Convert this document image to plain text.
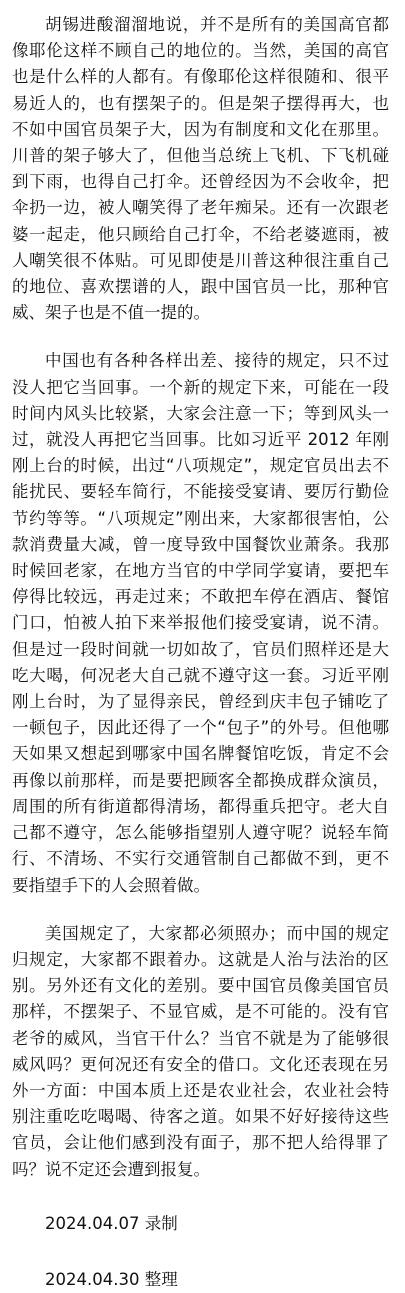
胡锡进酸溜溜地说，并不是所有的美国高官都像耶伦这样不顾自己的地位的。当然，美国的高官也是什么样的人都有。有像耶伦这样很随和、很平易近人的，也有摆架子的。但是架子摆得再大，也不如中国官员架子大，因为有制度和文化在那里。川普的架子够大了，但他当总统上飞机、下飞机碰到下雨，也得自己打伞。还曾经因为不会收伞，把伞扔一边，被人嘲笑得了老年痴呆。还有一次跟老婆一起走，他只顾给自己打伞，不给老婆遮雨，被人嘲笑很不体贴。可见即使是川普这种很注重自己的地位、喜欢摆谱的人，跟中国官员一比，那种官威、架子也是不值一提的。

中国也有各种各样出差、接待的规定，只不过没人把它当回事。一个新的规定下来，可能在一段时间内风头比较紧，大家会注意一下；等到风头一过，就没人再把它当回事。比如习近平 2012 年刚刚上台的时候，出过“八项规定”，规定官员出去不能扰民、要轻车简行，不能接受宴请、要厉行勤俭节约等等。“八项规定”刚出来，大家都很害怕，公款消费量大减，曾一度导致中国餐饮业萧条。我那时候回老家，在地方当官的中学同学宴请，要把车停得比较远，再走过来；不敢把车停在酒店、餐馆门口，怕被人拍下来举报他们接受宴请，说不清。但是过一段时间就一切如故了，官员们照样还是大吃大喝，何况老大自己就不遵守这一套。习近平刚刚上台时，为了显得亲民，曾经到庆丰包子铺吃了一顿包子，因此还得了一个“包子”的外号。但他哪天如果又想起到哪家中国名牌餐馆吃饭，肯定不会再像以前那样，而是要把顾客全都换成群众演员，周围的所有街道都得清场，都得重兵把守。老大自己都不遵守，怎么能够指望别人遵守呢？说轻车简行、不清场、不实行交通管制自己都做不到，更不要指望手下的人会照着做。

美国规定了，大家都必须照办；而中国的规定归规定，大家都不跟着办。这就是人治与法治的区别。另外还有文化的差别。要中国官员像美国官员那样，不摆架子、不显官威，是不可能的。没有官老爷的威风，当官干什么？当官不就是为了能够很威风吗？更何况还有安全的借口。文化还表现在另外一方面：中国本质上还是农业社会，农业社会特别注重吃吃喝喝、待客之道。如果不好好接待这些官员，会让他们感到没有面子，那不把人给得罪了吗？说不定还会遭到报复。

2024.04.07 录制

2024.04.30 整理
